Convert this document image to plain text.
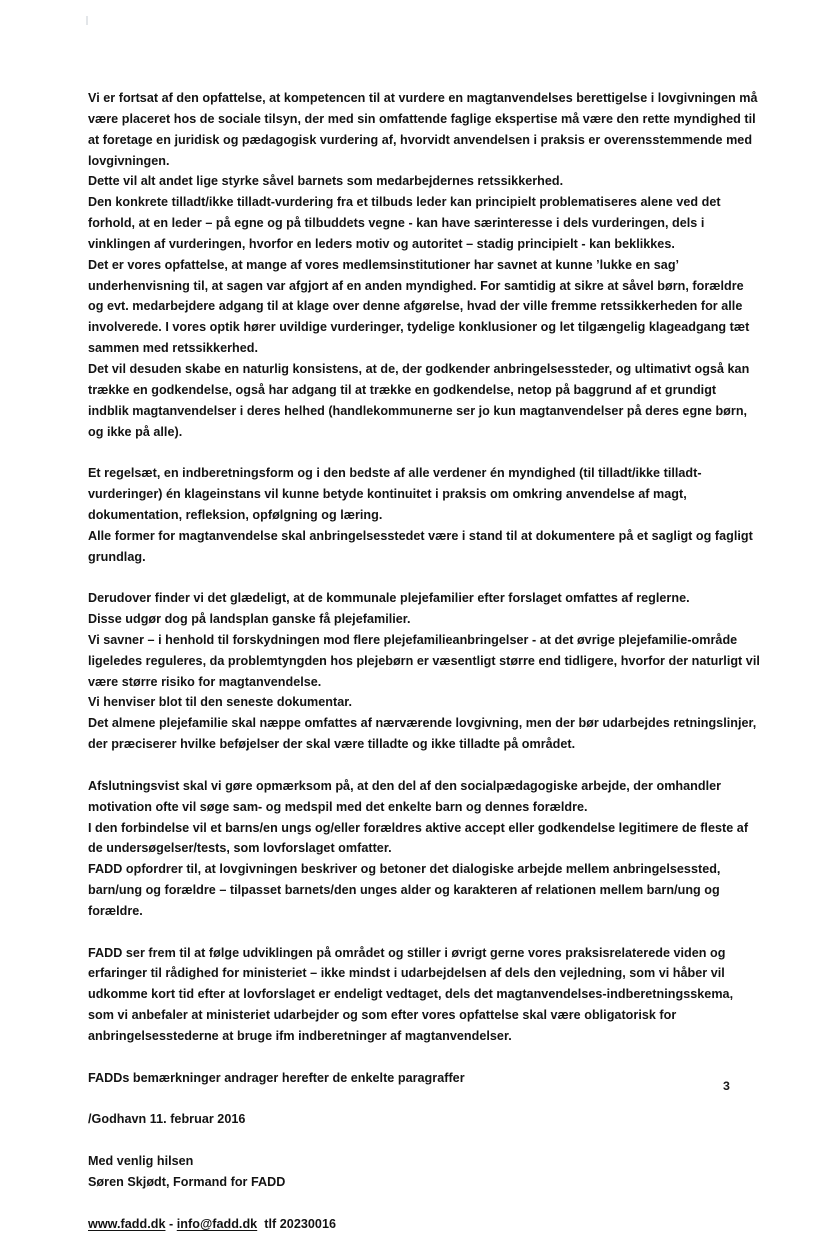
Vi er fortsat af den opfattelse, at kompetencen til at vurdere en magtanvendelses berettigelse i lovgivningen må være placeret hos de sociale tilsyn, der med sin omfattende faglige ekspertise må være den rette myndighed til at foretage en juridisk og pædagogisk vurdering af, hvorvidt anvendelsen i praksis er overensstemmende med lovgivningen.

Dette vil alt andet lige styrke såvel barnets som medarbejdernes retssikkerhed.

Den konkrete tilladt/ikke tilladt-vurdering fra et tilbuds leder kan principielt problematiseres alene ved det forhold, at en leder – på egne og på tilbuddets vegne - kan have særinteresse i dels vurderingen, dels i vinklingen af vurderingen, hvorfor en leders motiv og autoritet – stadig principielt - kan beklikkes.

Det er vores opfattelse, at mange af vores medlemsinstitutioner har savnet at kunne ’lukke en sag’ underhenvisning til, at sagen var afgjort af en anden myndighed. For samtidig at sikre at såvel børn, forældre og evt. medarbejdere adgang til at klage over denne afgørelse, hvad der ville fremme retssikkerheden for alle involverede. I vores optik hører uvildige vurderinger, tydelige konklusioner og let tilgængelig klageadgang tæt sammen med retssikkerhed.

Det vil desuden skabe en naturlig konsistens, at de, der godkender anbringelsessteder, og ultimativt også kan trække en godkendelse, også har adgang til at trække en godkendelse, netop på baggrund af et grundigt indblik magtanvendelser i deres helhed (handlekommunerne ser jo kun magtanvendelser på deres egne børn, og ikke på alle).

Et regelsæt, en indberetningsform og i den bedste af alle verdener én myndighed (til tilladt/ikke tilladt-vurderinger) én klageinstans vil kunne betyde kontinuitet i praksis om omkring anvendelse af magt, dokumentation, refleksion, opfølgning og læring.

Alle former for magtanvendelse skal anbringelsesstedet være i stand til at dokumentere på et sagligt og fagligt grundlag.

Derudover finder vi det glædeligt, at de kommunale plejefamilier efter forslaget omfattes af reglerne.

Disse udgør dog på landsplan ganske få plejefamilier.

Vi savner – i henhold til forskydningen mod flere plejefamilieanbringelser - at det øvrige plejefamilie-område ligeledes reguleres, da problemtyngden hos plejebørn er væsentligt større end tidligere, hvorfor der naturligt vil være større risiko for magtanvendelse.

Vi henviser blot til den seneste dokumentar.

Det almene plejefamilie skal næppe omfattes af nærværende lovgivning, men der bør udarbejdes retningslinjer, der præciserer hvilke beføjelser der skal være tilladte og ikke tilladte på området.

Afslutningsvist skal vi gøre opmærksom på, at den del af den socialpædagogiske arbejde, der omhandler motivation ofte vil søge sam- og medspil med det enkelte barn og dennes forældre.

I den forbindelse vil et barns/en ungs og/eller forældres aktive accept eller godkendelse legitimere de fleste af de undersøgelser/tests, som lovforslaget omfatter.

FADD opfordrer til, at lovgivningen beskriver og betoner det dialogiske arbejde mellem anbringelsessted, barn/ung og forældre – tilpasset barnets/den unges alder og karakteren af relationen mellem barn/ung og forældre.

FADD ser frem til at følge udviklingen på området og stiller i øvrigt gerne vores praksisrelaterede viden og erfaringer til rådighed for ministeriet – ikke mindst i udarbejdelsen af dels den vejledning, som vi håber vil udkomme kort tid efter at lovforslaget er endeligt vedtaget, dels det magtanvendelses-indberetningsskema, som vi anbefaler at ministeriet udarbejder og som efter vores opfattelse skal være obligatorisk for anbringelsesstederne at bruge ifm indberetninger af magtanvendelser.

FADDs bemærkninger andrager herefter de enkelte paragraffer

/Godhavn 11. februar 2016

Med venlig hilsen

Søren Skjødt, Formand for FADD

www.fadd.dk - info@fadd.dk tlf 20230016

3
